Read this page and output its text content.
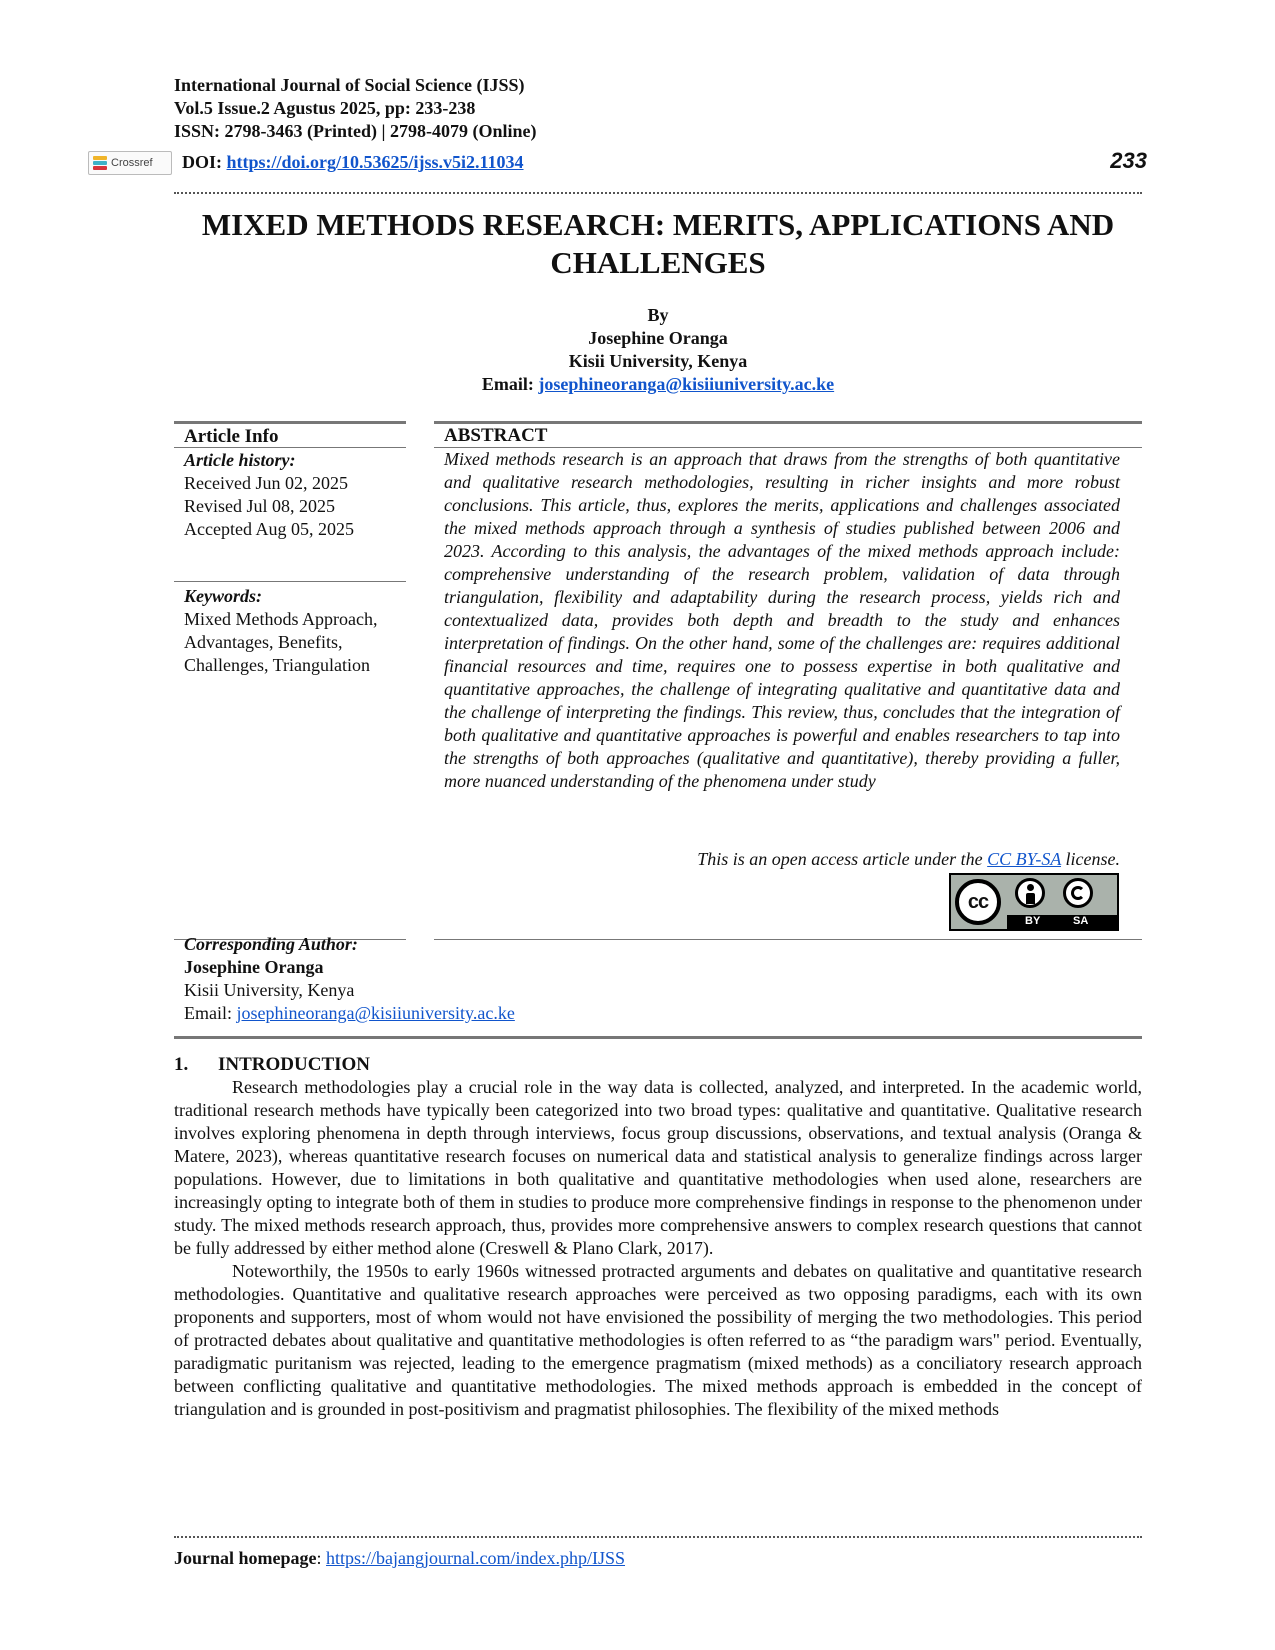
International Journal of Social Science (IJSS)
Vol.5 Issue.2 Agustus 2025, pp: 233-238
ISSN: 2798-3463 (Printed) | 2798-4079 (Online)
Crossref DOI: https://doi.org/10.53625/ijss.v5i2.11034	233
MIXED METHODS RESEARCH: MERITS, APPLICATIONS AND CHALLENGES
By
Josephine Oranga
Kisii University, Kenya
Email: josephineoranga@kisiiuniversity.ac.ke
Article Info
Article history:
Received Jun 02, 2025
Revised Jul 08, 2025
Accepted Aug 05, 2025
Keywords:
Mixed Methods Approach, Advantages, Benefits, Challenges, Triangulation
ABSTRACT
Mixed methods research is an approach that draws from the strengths of both quantitative and qualitative research methodologies, resulting in richer insights and more robust conclusions. This article, thus, explores the merits, applications and challenges associated the mixed methods approach through a synthesis of studies published between 2006 and 2023. According to this analysis, the advantages of the mixed methods approach include: comprehensive understanding of the research problem, validation of data through triangulation, flexibility and adaptability during the research process, yields rich and contextualized data, provides both depth and breadth to the study and enhances interpretation of findings. On the other hand, some of the challenges are: requires additional financial resources and time, requires one to possess expertise in both qualitative and quantitative approaches, the challenge of integrating qualitative and quantitative data and the challenge of interpreting the findings. This review, thus, concludes that the integration of both qualitative and quantitative approaches is powerful and enables researchers to tap into the strengths of both approaches (qualitative and quantitative), thereby providing a fuller, more nuanced understanding of the phenomena under study
This is an open access article under the CC BY-SA license.
cc
BY	SA
Corresponding Author:
Josephine Oranga
Kisii University, Kenya
Email: josephineoranga@kisiiuniversity.ac.ke
1. INTRODUCTION

Research methodologies play a crucial role in the way data is collected, analyzed, and interpreted. In the academic world, traditional research methods have typically been categorized into two broad types: qualitative and quantitative. Qualitative research involves exploring phenomena in depth through interviews, focus group discussions, observations, and textual analysis (Oranga & Matere, 2023), whereas quantitative research focuses on numerical data and statistical analysis to generalize findings across larger populations. However, due to limitations in both qualitative and quantitative methodologies when used alone, researchers are increasingly opting to integrate both of them in studies to produce more comprehensive findings in response to the phenomenon under study. The mixed methods research approach, thus, provides more comprehensive answers to complex research questions that cannot be fully addressed by either method alone (Creswell & Plano Clark, 2017).

Noteworthily, the 1950s to early 1960s witnessed protracted arguments and debates on qualitative and quantitative research methodologies. Quantitative and qualitative research approaches were perceived as two opposing paradigms, each with its own proponents and supporters, most of whom would not have envisioned the possibility of merging the two methodologies. This period of protracted debates about qualitative and quantitative methodologies is often referred to as “the paradigm wars" period. Eventually, paradigmatic puritanism was rejected, leading to the emergence pragmatism (mixed methods) as a conciliatory research approach between conflicting qualitative and quantitative methodologies. The mixed methods approach is embedded in the concept of triangulation and is grounded in post-positivism and pragmatist philosophies. The flexibility of the mixed methods

Journal homepage: https://bajangjournal.com/index.php/IJSS
